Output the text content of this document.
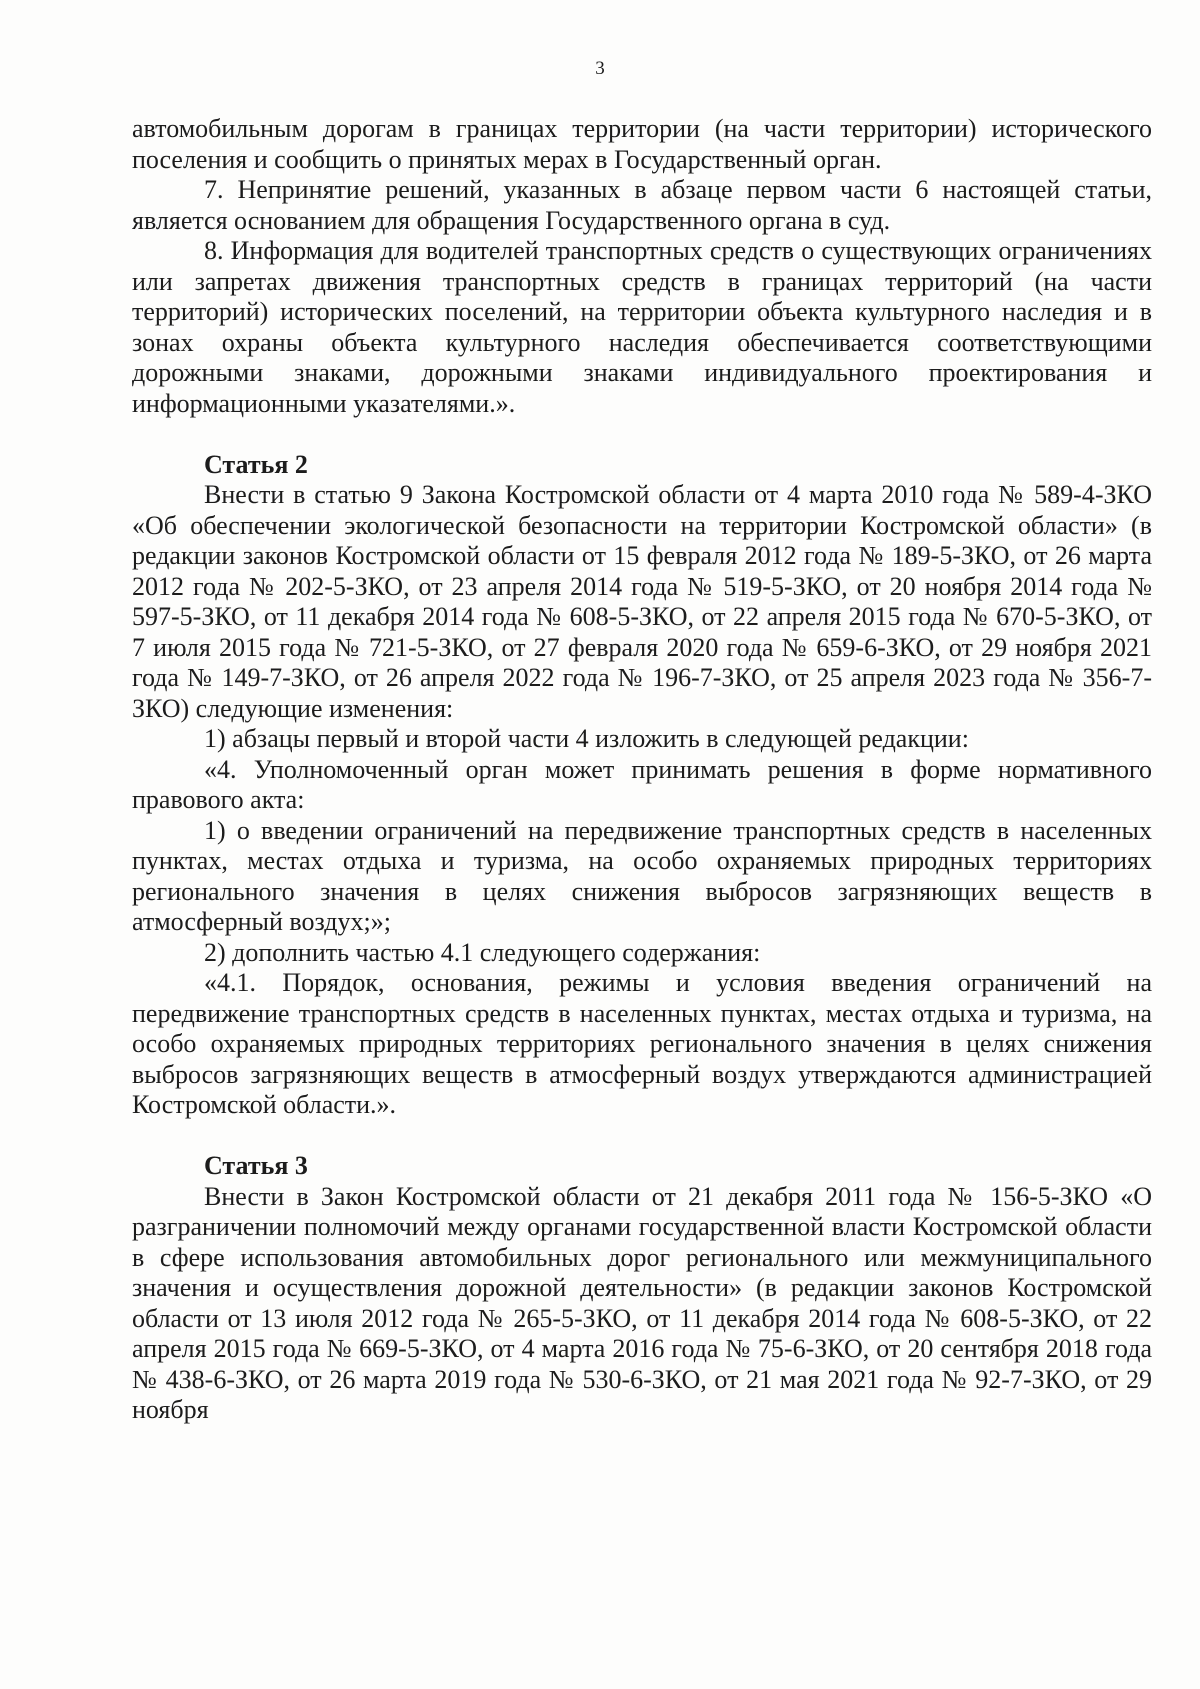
3

автомобильным дорогам в границах территории (на части территории) исторического поселения и сообщить о принятых мерах в Государственный орган.

7. Непринятие решений, указанных в абзаце первом части 6 настоящей статьи, является основанием для обращения Государственного органа в суд.

8. Информация для водителей транспортных средств о существующих ограничениях или запретах движения транспортных средств в границах территорий (на части территорий) исторических поселений, на территории объекта культурного наследия и в зонах охраны объекта культурного наследия обеспечивается соответствующими дорожными знаками, дорожными знаками индивидуального проектирования и информационными указателями.».

Статья 2

Внести в статью 9 Закона Костромской области от 4 марта 2010 года № 589-4-ЗКО «Об обеспечении экологической безопасности на территории Костромской области» (в редакции законов Костромской области от 15 февраля 2012 года № 189-5-ЗКО, от 26 марта 2012 года № 202-5-ЗКО, от 23 апреля 2014 года № 519-5-ЗКО, от 20 ноября 2014 года № 597-5-ЗКО, от 11 декабря 2014 года № 608-5-ЗКО, от 22 апреля 2015 года № 670-5-ЗКО, от 7 июля 2015 года № 721-5-ЗКО, от 27 февраля 2020 года № 659-6-ЗКО, от 29 ноября 2021 года № 149-7-ЗКО, от 26 апреля 2022 года № 196-7-ЗКО, от 25 апреля 2023 года № 356-7-ЗКО) следующие изменения:

1) абзацы первый и второй части 4 изложить в следующей редакции:

«4. Уполномоченный орган может принимать решения в форме нормативного правового акта:

1) о введении ограничений на передвижение транспортных средств в населенных пунктах, местах отдыха и туризма, на особо охраняемых природных территориях регионального значения в целях снижения выбросов загрязняющих веществ в атмосферный воздух;»;

2) дополнить частью 4.1 следующего содержания:

«4.1. Порядок, основания, режимы и условия введения ограничений на передвижение транспортных средств в населенных пунктах, местах отдыха и туризма, на особо охраняемых природных территориях регионального значения в целях снижения выбросов загрязняющих веществ в атмосферный воздух утверждаются администрацией Костромской области.».

Статья 3

Внести в Закон Костромской области от 21 декабря 2011 года № 156-5-ЗКО «О разграничении полномочий между органами государственной власти Костромской области в сфере использования автомобильных дорог регионального или межмуниципального значения и осуществления дорожной деятельности» (в редакции законов Костромской области от 13 июля 2012 года № 265-5-ЗКО, от 11 декабря 2014 года № 608-5-ЗКО, от 22 апреля 2015 года № 669-5-ЗКО, от 4 марта 2016 года № 75-6-ЗКО, от 20 сентября 2018 года № 438-6-ЗКО, от 26 марта 2019 года № 530-6-ЗКО, от 21 мая 2021 года № 92-7-ЗКО, от 29 ноября
